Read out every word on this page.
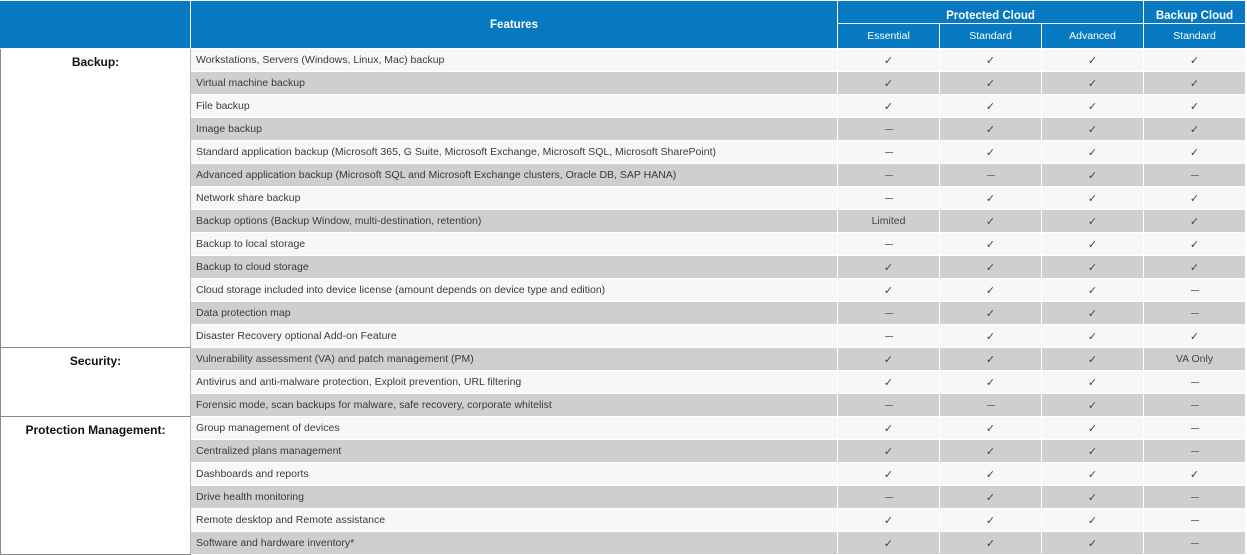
	Features	Protected Cloud			Backup Cloud
		Essential	Standard	Advanced	Standard
Backup:	Workstations, Servers (Windows, Linux, Mac) backup	✓	✓	✓	✓
	Virtual machine backup	✓	✓	✓	✓
	File backup	✓	✓	✓	✓
	Image backup		✓	✓	✓
	Standard application backup (Microsoft 365, G Suite, Microsoft Exchange, Microsoft SQL, Microsoft SharePoint)		✓	✓	✓
	Advanced application backup (Microsoft SQL and Microsoft Exchange clusters, Oracle DB, SAP HANA)			✓	
	Network share backup		✓	✓	✓
	Backup options (Backup Window, multi-destination, retention)	Limited	✓	✓	✓
	Backup to local storage		✓	✓	✓
	Backup to cloud storage	✓	✓	✓	✓
	Cloud storage included into device license (amount depends on device type and edition)	✓	✓	✓	
	Data protection map		✓	✓	
	Disaster Recovery optional Add-on Feature		✓	✓	✓
Security:	Vulnerability assessment (VA) and patch management (PM)	✓	✓	✓	VA Only
	Antivirus and anti-malware protection, Exploit prevention, URL filtering	✓	✓	✓	
	Forensic mode, scan backups for malware, safe recovery, corporate whitelist			✓	
Protection Management:	Group management of devices	✓	✓	✓	
	Centralized plans management	✓	✓	✓	
	Dashboards and reports	✓	✓	✓	✓
	Drive health monitoring		✓	✓	
	Remote desktop and Remote assistance	✓	✓	✓	
	Software and hardware inventory*	✓	✓	✓	
